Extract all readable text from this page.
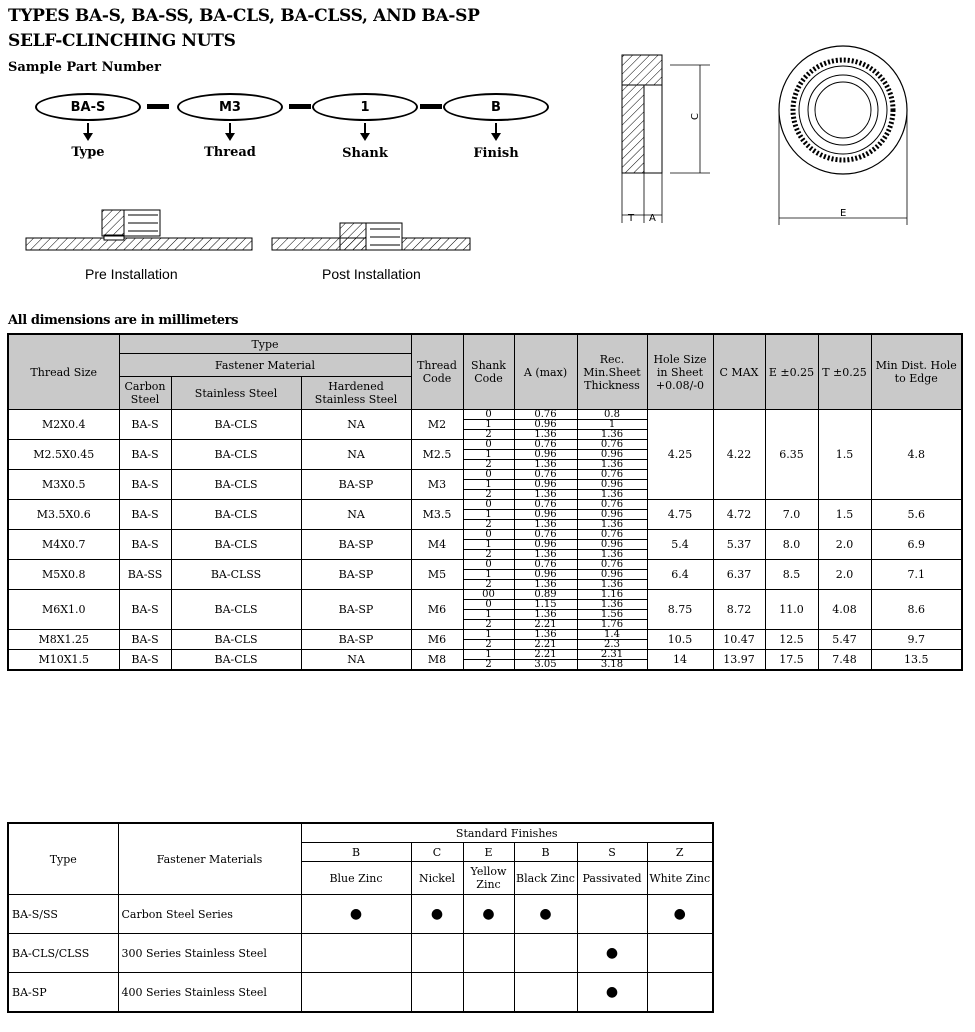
TYPES BA-S, BA-SS, BA-CLS, BA-CLSS, AND BA-SP
SELF-CLINCHING NUTS
Sample Part Number
BA-S	M3	1	B
Type	Thread	Shank	Finish
Pre Installation	Post Installation
C
T A	E
All dimensions are in millimeters
Thread Size	Type			Thread Code	Shank Code	A (max)	Rec. Min.Sheet Thickness	Hole Size in Sheet +0.08/-0	C MAX	E ±0.25	T ±0.25	Min Dist. Hole to Edge
	Fastener Material											
	Carbon Steel	Stainless Steel	Hardened Stainless Steel									
M2X0.4	BA-S	BA-CLS	NA	M2	0	0.76	0.8	4.25	4.22	6.35	1.5	4.8
					1	0.96	1					
					2	1.36	1.36					
M2.5X0.45	BA-S	BA-CLS	NA	M2.5	0	0.76	0.76					
					1	0.96	0.96					
					2	1.36	1.36					
M3X0.5	BA-S	BA-CLS	BA-SP	M3	0	0.76	0.76					
					1	0.96	0.96					
					2	1.36	1.36					
M3.5X0.6	BA-S	BA-CLS	NA	M3.5	0	0.76	0.76	4.75	4.72	7.0	1.5	5.6
					1	0.96	0.96					
					2	1.36	1.36					
M4X0.7	BA-S	BA-CLS	BA-SP	M4	0	0.76	0.76	5.4	5.37	8.0	2.0	6.9
					1	0.96	0.96					
					2	1.36	1.36					
M5X0.8	BA-SS	BA-CLSS	BA-SP	M5	0	0.76	0.76	6.4	6.37	8.5	2.0	7.1
					1	0.96	0.96					
					2	1.36	1.36					
M6X1.0	BA-S	BA-CLS	BA-SP	M6	00	0.89	1.16	8.75	8.72	11.0	4.08	8.6
					0	1.15	1.36					
					1	1.36	1.56					
					2	2.21	1.76					
M8X1.25	BA-S	BA-CLS	BA-SP	M6	1	1.36	1.4	10.5	10.47	12.5	5.47	9.7
					2	2.21	2.3					
M10X1.5	BA-S	BA-CLS	NA	M8	1	2.21	2.31	14	13.97	17.5	7.48	13.5
					2	3.05	3.18					
Type	Fastener Materials	Standard Finishes					
		B	C	E	B	S	Z
		Blue Zinc	Nickel	Yellow Zinc	Black Zinc	Passivated	White Zinc
BA-S/SS	Carbon Steel Series	●	●	●	●		●
BA-CLS/CLSS	300 Series Stainless Steel					●	
BA-SP	400 Series Stainless Steel					●	
